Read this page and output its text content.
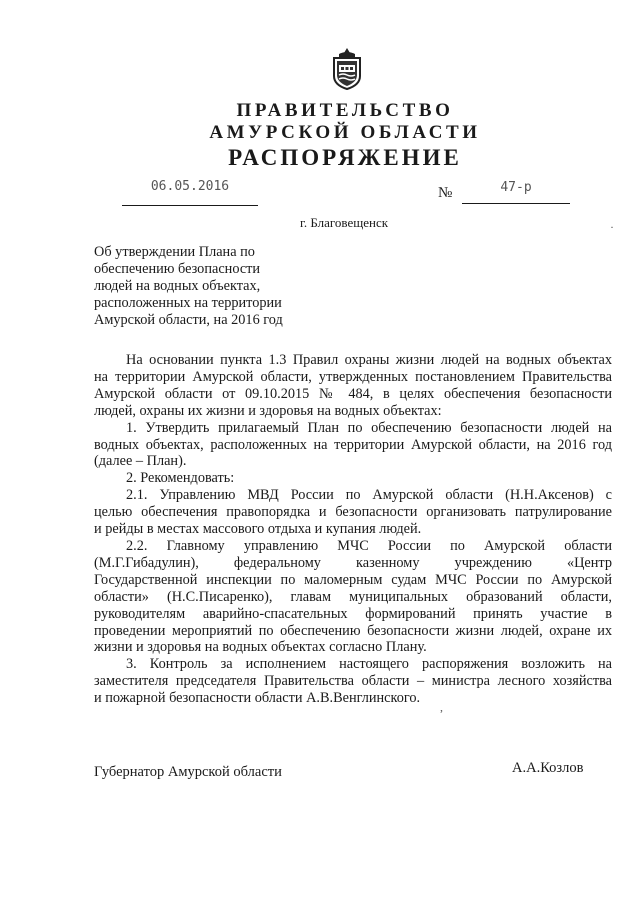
ПРАВИТЕЛЬСТВО
АМУРСКОЙ ОБЛАСТИ
РАСПОРЯЖЕНИЕ
06.05.2016	№	47-р
г. Благовещенск
Об утверждении Плана по
обеспечению безопасности
людей на водных объектах,
расположенных на территории
Амурской области, на 2016 год
На основании пункта 1.3 Правил охраны жизни людей на водных объектах
на территории Амурской области, утвержденных постановлением Правительства
Амурской области от 09.10.2015 № 484, в целях обеспечения безопасности
людей, охраны их жизни и здоровья на водных объектах:
1. Утвердить прилагаемый План по обеспечению безопасности людей на
водных объектах, расположенных на территории Амурской области, на 2016 год
(далее – План).
2. Рекомендовать:
2.1. Управлению МВД России по Амурской области (Н.Н.Аксенов) с
целью обеспечения правопорядка и безопасности организовать патрулирование
и рейды в местах массового отдыха и купания людей.
2.2. Главному управлению МЧС России по Амурской области
(М.Г.Гибадулин), федеральному казенному учреждению «Центр
Государственной инспекции по маломерным судам МЧС России по Амурской
области» (Н.С.Писаренко), главам муниципальных образований области,
руководителям аварийно-спасательных формирований принять участие в
проведении мероприятий по обеспечению безопасности жизни людей, охране их
жизни и здоровья на водных объектах согласно Плану.
3. Контроль за исполнением настоящего распоряжения возложить на
заместителя председателя Правительства области – министра лесного хозяйства
и пожарной безопасности области А.В.Венглинского.
Губернатор Амурской области	А.А.Козлов
·
,
